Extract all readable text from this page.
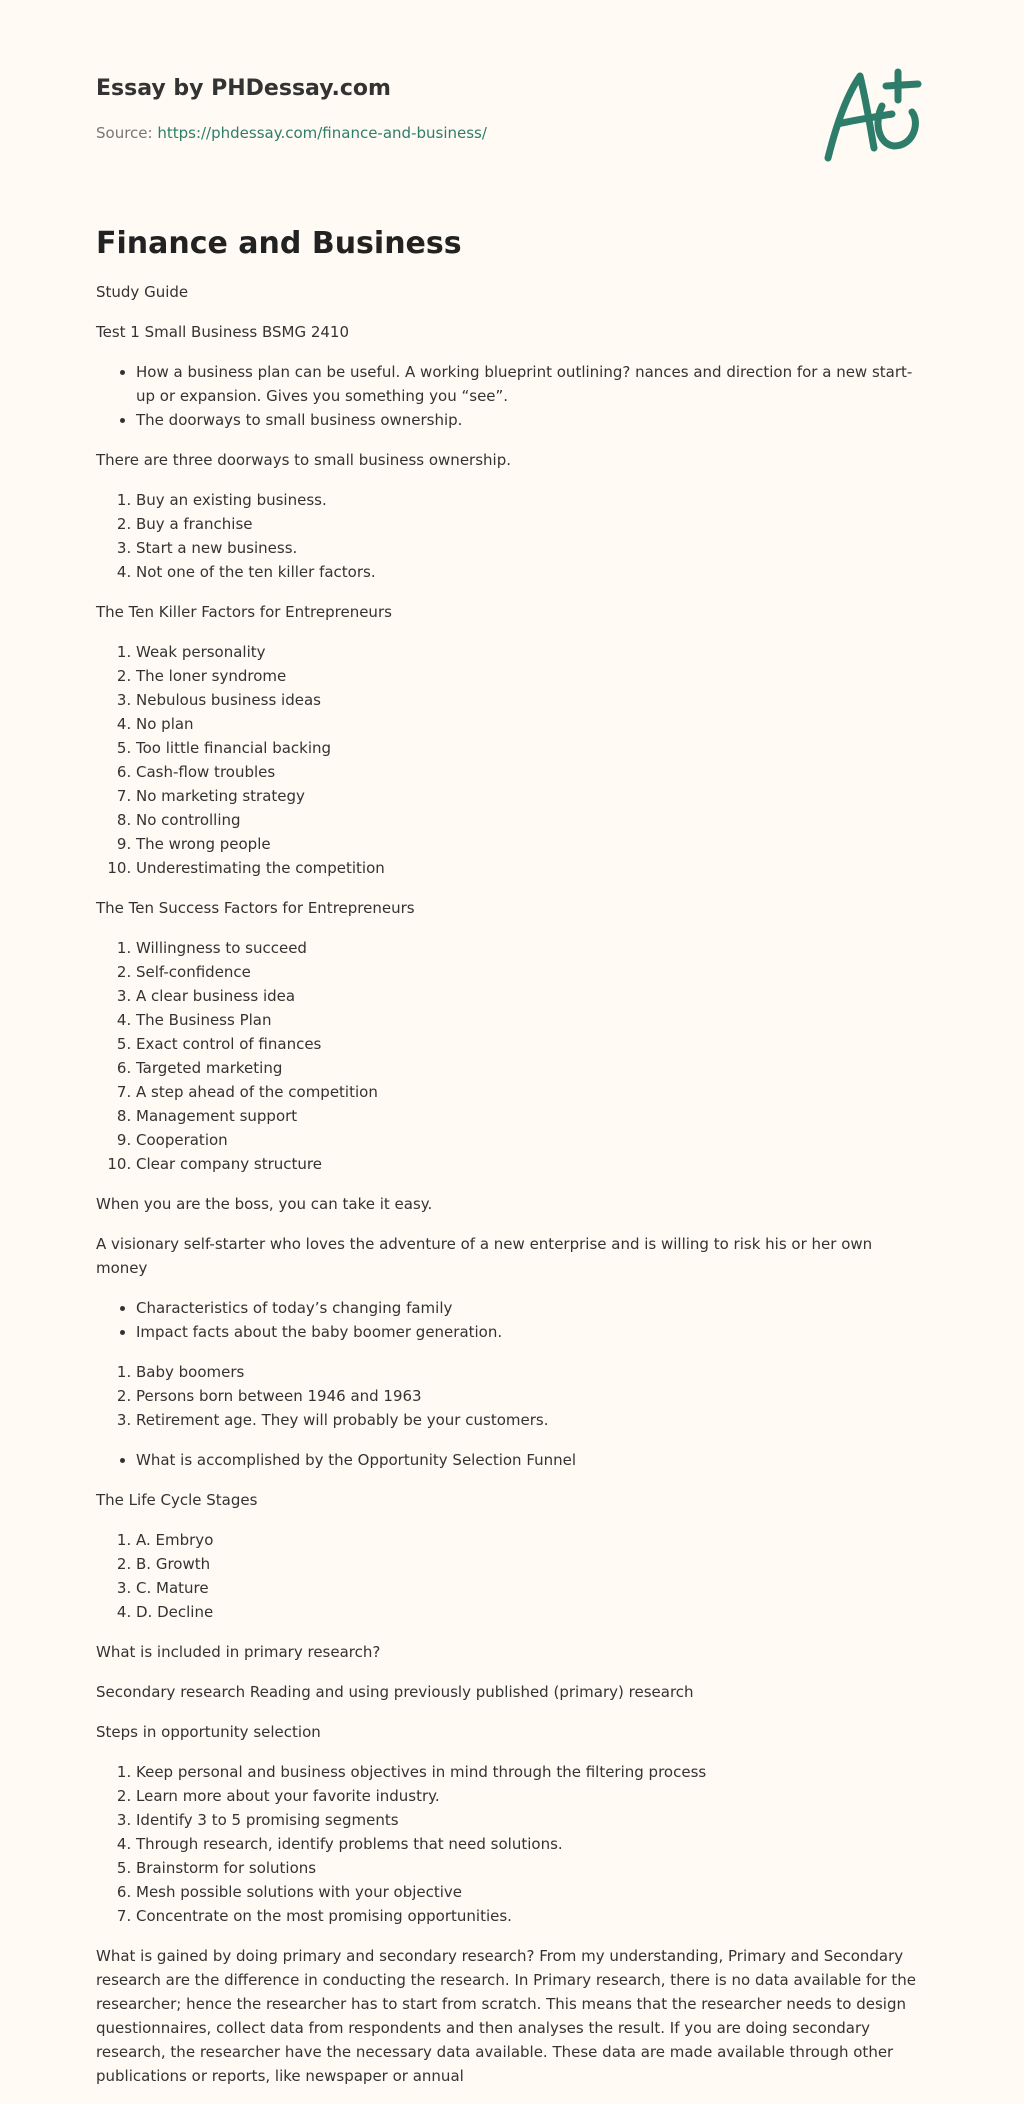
Essay by PHDessay.com
Source: https://phdessay.com/finance-and-business/
Finance and Business

Study Guide

Test 1 Small Business BSMG 2410

• How a business plan can be useful. A working blueprint outlining? nances and direction for a new start-up or expansion. Gives you something you “see”.
• The doorways to small business ownership.

There are three doorways to small business ownership.

1. Buy an existing business.
2. Buy a franchise
3. Start a new business.
4. Not one of the ten killer factors.

The Ten Killer Factors for Entrepreneurs

1. Weak personality
2. The loner syndrome
3. Nebulous business ideas
4. No plan
5. Too little financial backing
6. Cash-flow troubles
7. No marketing strategy
8. No controlling
9. The wrong people
10. Underestimating the competition

The Ten Success Factors for Entrepreneurs

1. Willingness to succeed
2. Self-confidence
3. A clear business idea
4. The Business Plan
5. Exact control of finances
6. Targeted marketing
7. A step ahead of the competition
8. Management support
9. Cooperation
10. Clear company structure

When you are the boss, you can take it easy.

A visionary self-starter who loves the adventure of a new enterprise and is willing to risk his or her own money

• Characteristics of today’s changing family
• Impact facts about the baby boomer generation.
1. Baby boomers
2. Persons born between 1946 and 1963
3. Retirement age. They will probably be your customers.
• What is accomplished by the Opportunity Selection Funnel

The Life Cycle Stages

1. A. Embryo
2. B. Growth
3. C. Mature
4. D. Decline

What is included in primary research?

Secondary research Reading and using previously published (primary) research

Steps in opportunity selection

1. Keep personal and business objectives in mind through the filtering process
2. Learn more about your favorite industry.
3. Identify 3 to 5 promising segments
4. Through research, identify problems that need solutions.
5. Brainstorm for solutions
6. Mesh possible solutions with your objective
7. Concentrate on the most promising opportunities.

What is gained by doing primary and secondary research? From my understanding, Primary and Secondary research are the difference in conducting the research. In Primary research, there is no data available for the researcher; hence the researcher has to start from scratch. This means that the researcher needs to design questionnaires, collect data from respondents and then analyses the result. If you are doing secondary research, the researcher have the necessary data available. These data are made available through other publications or reports, like newspaper or annual
